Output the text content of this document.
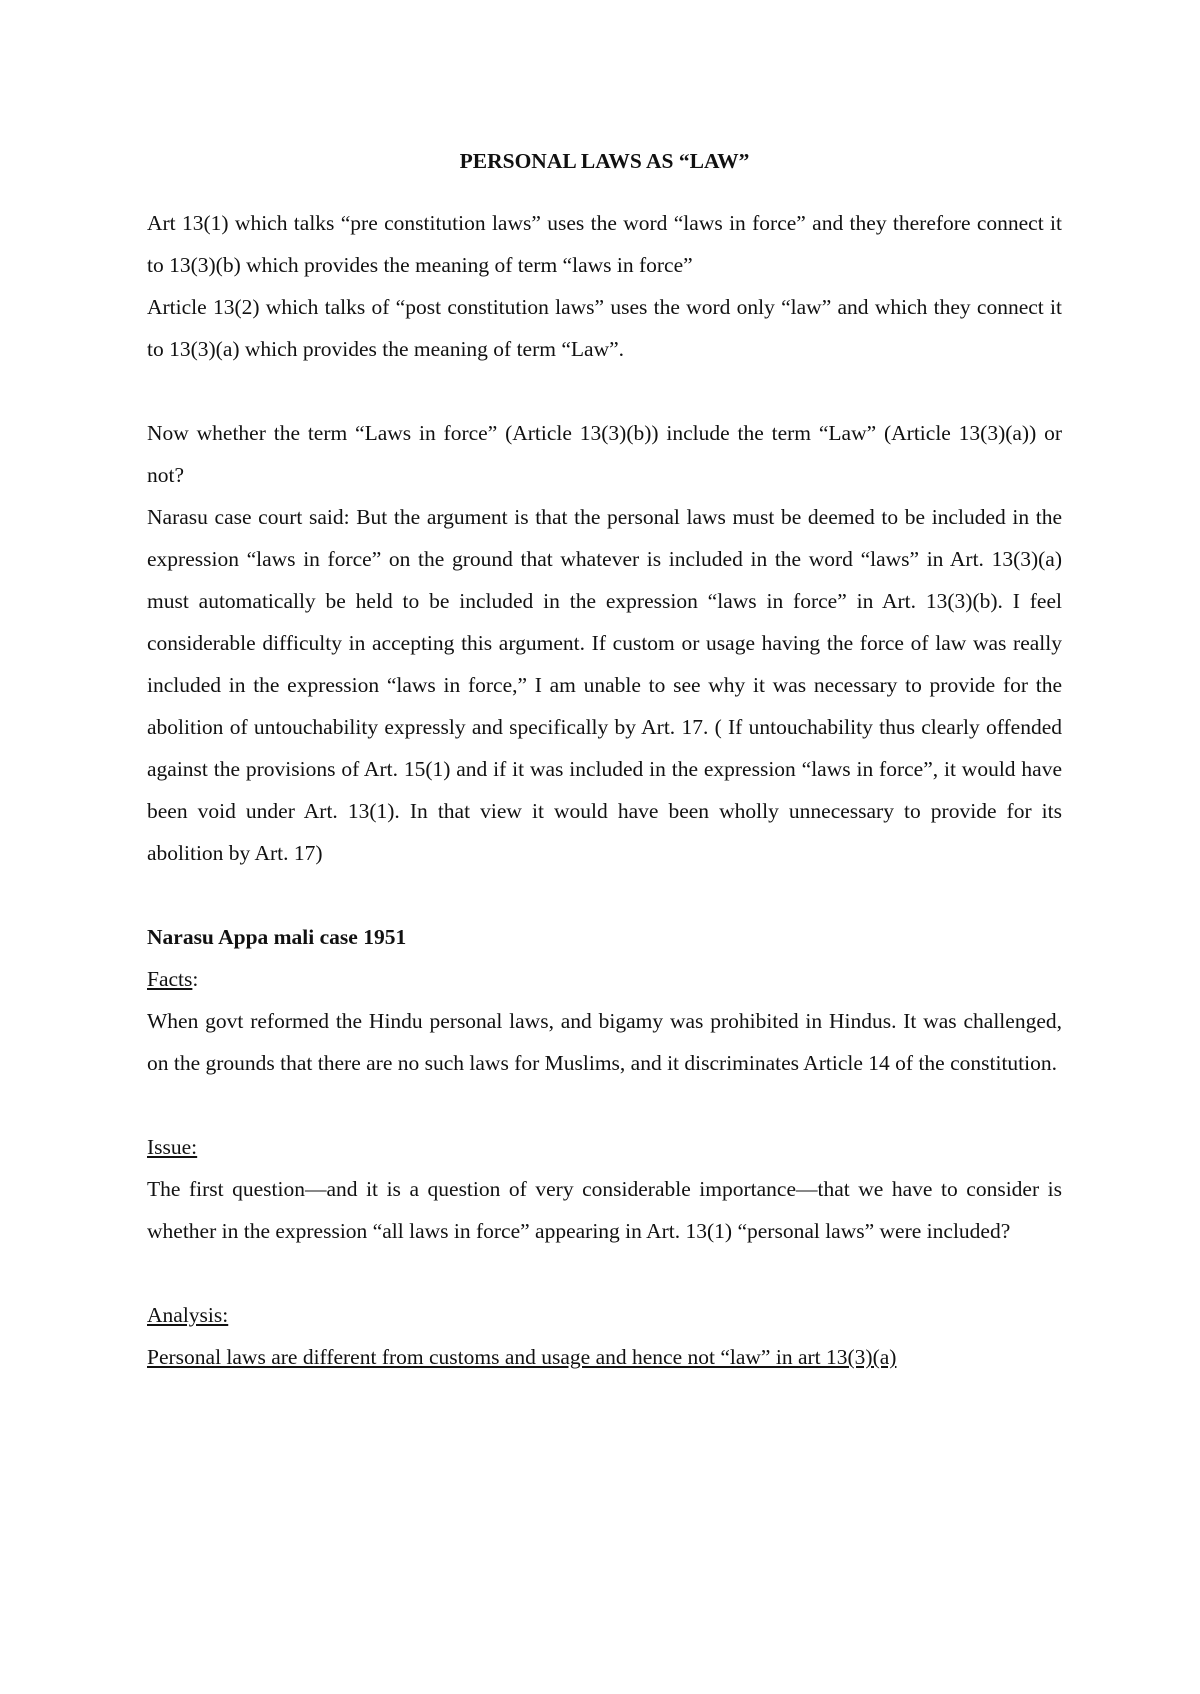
PERSONAL LAWS AS “LAW”

Art 13(1) which talks “pre constitution laws” uses the word “laws in force” and they therefore connect it to 13(3)(b) which provides the meaning of term “laws in force”

Article 13(2) which talks of “post constitution laws” uses the word only “law” and which they connect it to 13(3)(a) which provides the meaning of term “Law”.

Now whether the term “Laws in force” (Article 13(3)(b)) include the term “Law” (Article 13(3)(a)) or not?

Narasu case court said: But the argument is that the personal laws must be deemed to be included in the expression “laws in force” on the ground that whatever is included in the word “laws” in Art. 13(3)(a) must automatically be held to be included in the expression “laws in force” in Art. 13(3)(b). I feel considerable difficulty in accepting this argument. If custom or usage having the force of law was really included in the expression “laws in force,” I am unable to see why it was necessary to provide for the abolition of untouchability expressly and specifically by Art. 17. ( If untouchability thus clearly offended against the provisions of Art. 15(1) and if it was included in the expression “laws in force”, it would have been void under Art. 13(1). In that view it would have been wholly unnecessary to provide for its abolition by Art. 17)

Narasu Appa mali case 1951

Facts:

When govt reformed the Hindu personal laws, and bigamy was prohibited in Hindus. It was challenged, on the grounds that there are no such laws for Muslims, and it discriminates Article 14 of the constitution.

Issue:

The first question—and it is a question of very considerable importance—that we have to consider is whether in the expression “all laws in force” appearing in Art. 13(1) “personal laws” were included?

Analysis:

Personal laws are different from customs and usage and hence not “law” in art 13(3)(a)
